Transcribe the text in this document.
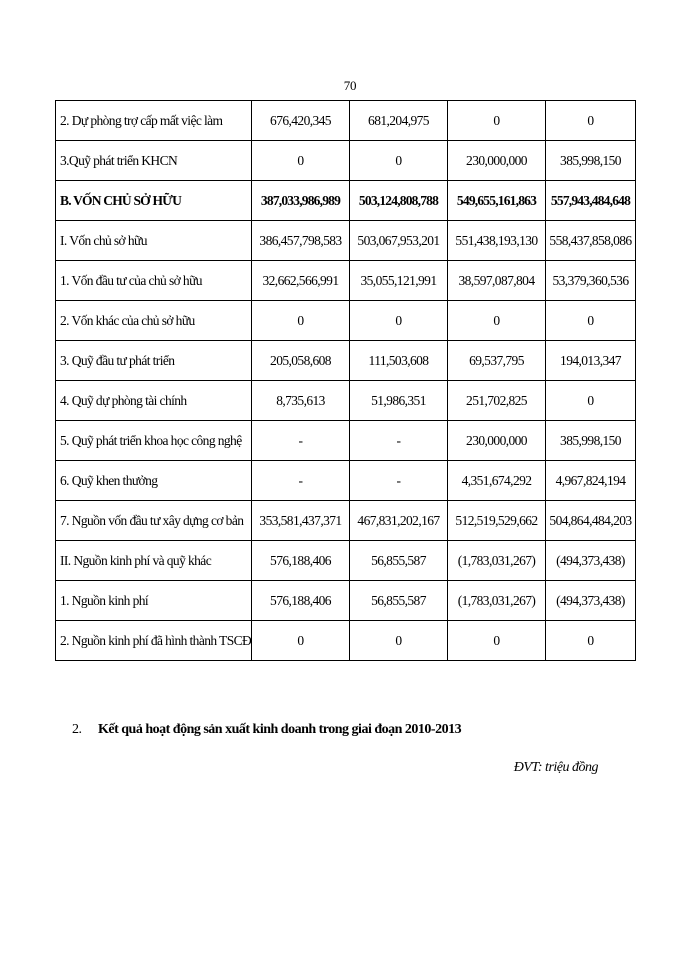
70
2. Dự phòng trợ cấp mất việc làm	676,420,345	681,204,975	0	0
3.Quỹ phát triển KHCN	0	0	230,000,000	385,998,150
B. VỐN CHỦ SỞ HỮU	387,033,986,989	503,124,808,788	549,655,161,863	557,943,484,648
I. Vốn chủ sở hữu	386,457,798,583	503,067,953,201	551,438,193,130	558,437,858,086
1. Vốn đầu tư của chủ sở hữu	32,662,566,991	35,055,121,991	38,597,087,804	53,379,360,536
2. Vốn khác của chủ sở hữu	0	0	0	0
3. Quỹ đầu tư phát triển	205,058,608	111,503,608	69,537,795	194,013,347
4. Quỹ dự phòng tài chính	8,735,613	51,986,351	251,702,825	0
5. Quỹ phát triển khoa học công nghệ	-	-	230,000,000	385,998,150
6. Quỹ khen thưởng	-	-	4,351,674,292	4,967,824,194
7. Nguồn vốn đầu tư xây dựng cơ bản	353,581,437,371	467,831,202,167	512,519,529,662	504,864,484,203
II. Nguồn kinh phí và quỹ khác	576,188,406	56,855,587	(1,783,031,267)	(494,373,438)
1. Nguồn kinh phí	576,188,406	56,855,587	(1,783,031,267)	(494,373,438)
2. Nguồn kinh phí đã hình thành TSCĐ	0	0	0	0
2. Kết quả hoạt động sản xuất kinh doanh trong giai đoạn 2010-2013
ĐVT: triệu đồng
